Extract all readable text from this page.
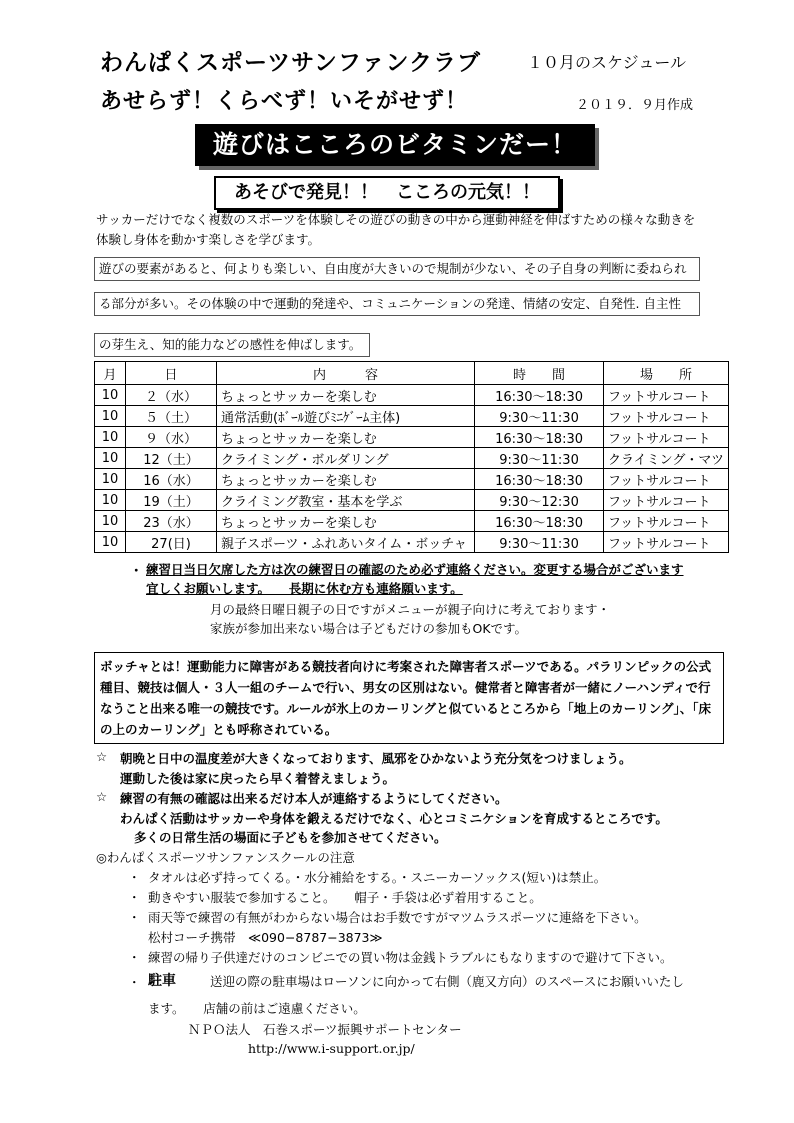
わんぱくスポーツサンファンクラブ	１０月のスケジュール
あせらず！くらべず！いそがせず！	２０１９．９月作成
遊びはこころのビタミンだー！
あそびで発見！！　こころの元気！！
サッカーだけでなく複数のスポーツを体験しその遊びの動きの中から運動神経を伸ばすための様々な動きを体験し身体を動かす楽しさを学びます。
遊びの要素があると、何よりも楽しい、自由度が大きいので規制が少ない、その子自身の判断に委ねられ
る部分が多い。その体験の中で運動的発達や、コミュニケーションの発達、情緒の安定、自発性. 自主性
の芽生え、知的能力などの感性を伸ばします。
月	日	内　　　容	時　　間	場　　所
10	２（水）	ちょっとサッカーを楽しむ	16:30〜18:30	フットサルコート
10	５（土）	通常活動(ﾎﾞｰﾙ遊びﾐﾆｹﾞｰﾑ主体)	9:30〜11:30	フットサルコート
10	９（水）	ちょっとサッカーを楽しむ	16:30〜18:30	フットサルコート
10	12（土）	クライミング・ボルダリング	9:30〜11:30	クライミング・マツ
10	16（水）	ちょっとサッカーを楽しむ	16:30〜18:30	フットサルコート
10	19（土）	クライミング教室・基本を学ぶ	9:30〜12:30	フットサルコート
10	23（水）	ちょっとサッカーを楽しむ	16:30〜18:30	フットサルコート
10	27(日)	親子スポーツ・ふれあいタイム・ボッチャ	9:30〜11:30	フットサルコート
・ 練習日当日欠席した方は次の練習日の確認のため必ず連絡ください。変更する場合がございます
宜しくお願いします。　　長期に休む方も連絡願います。
月の最終日曜日親子の日ですがメニューが親子向けに考えております・
家族が参加出来ない場合は子どもだけの参加もOKです。
ボッチャとは！運動能力に障害がある競技者向けに考案された障害者スポーツである。パラリンピックの公式種目、競技は個人・３人一組のチームで行い、男女の区別はない。健常者と障害者が一緒にノーハンディで行なうこと出来る唯一の競技です。ルールが氷上のカーリングと似ているところから「地上のカーリング」、「床の上のカーリング」とも呼称されている。
☆ 朝晩と日中の温度差が大きくなっております、風邪をひかないよう充分気をつけましょう。
運動した後は家に戻ったら早く着替えましょう。
☆ 練習の有無の確認は出来るだけ本人が連絡するようにしてください。
わんぱく活動はサッカーや身体を鍛えるだけでなく、心とコミニケションを育成するところです。
多くの日常生活の場面に子どもを参加させてください。
◎わんぱくスポーツサンファンスクールの注意
・ タオルは必ず持ってくる。・水分補給をする。・スニーカーソックス(短い)は禁止。
・ 動きやすい服装で参加すること。　　帽子・手袋は必ず着用すること。
・ 雨天等で練習の有無がわからない場合はお手数ですがマツムラスポーツに連絡を下さい。
松村コーチ携帯　≪090−8787−3873≫
・ 練習の帰り子供達だけのコンビニでの買い物は金銭トラブルにもなりますので避けて下さい。
・ 駐車	送迎の際の駐車場はローソンに向かって右側（鹿又方向）のスペースにお願いいたし
ます。　　店舗の前はご遠慮ください。
ＮＰＯ法人　石巻スポーツ振興サポートセンター
http://www.i-support.or.jp/
